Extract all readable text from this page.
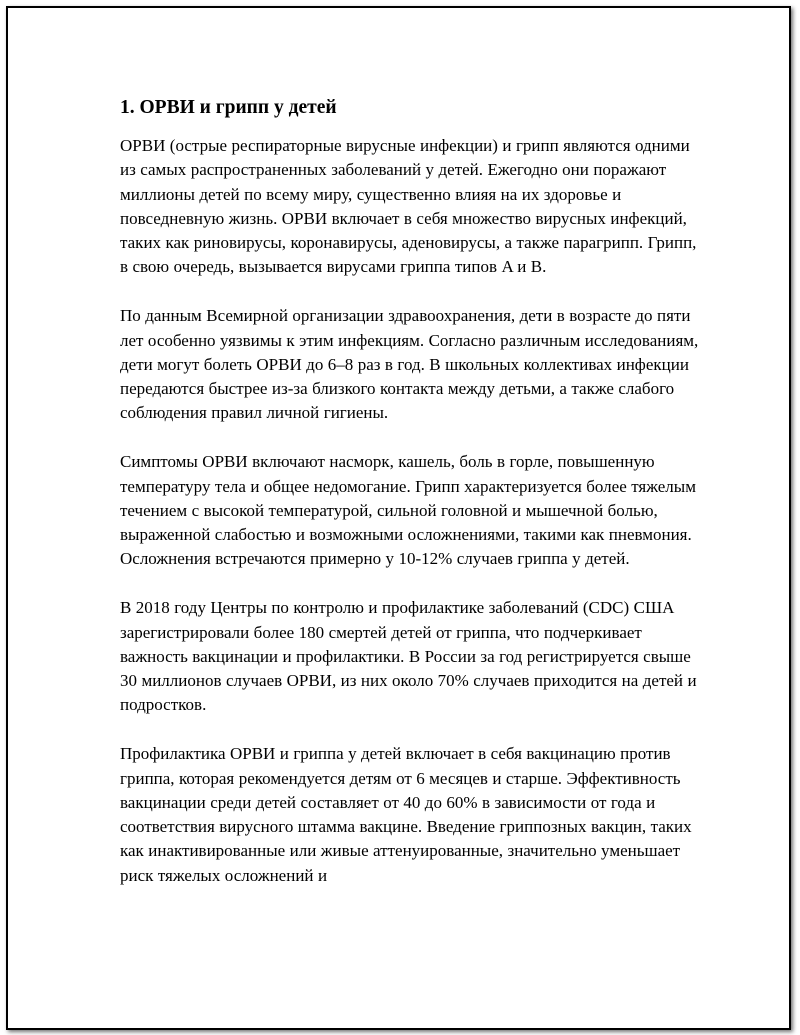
1. ОРВИ и грипп у детей

ОРВИ (острые респираторные вирусные инфекции) и грипп являются одними из самых распространенных заболеваний у детей. Ежегодно они поражают миллионы детей по всему миру, существенно влияя на их здоровье и повседневную жизнь. ОРВИ включает в себя множество вирусных инфекций, таких как риновирусы, коронавирусы, аденовирусы, а также парагрипп. Грипп, в свою очередь, вызывается вирусами гриппа типов A и B.

По данным Всемирной организации здравоохранения, дети в возрасте до пяти лет особенно уязвимы к этим инфекциям. Согласно различным исследованиям, дети могут болеть ОРВИ до 6–8 раз в год. В школьных коллективах инфекции передаются быстрее из-за близкого контакта между детьми, а также слабого соблюдения правил личной гигиены.

Симптомы ОРВИ включают насморк, кашель, боль в горле, повышенную температуру тела и общее недомогание. Грипп характеризуется более тяжелым течением с высокой температурой, сильной головной и мышечной болью, выраженной слабостью и возможными осложнениями, такими как пневмония. Осложнения встречаются примерно у 10-12% случаев гриппа у детей.

В 2018 году Центры по контролю и профилактике заболеваний (CDC) США зарегистрировали более 180 смертей детей от гриппа, что подчеркивает важность вакцинации и профилактики. В России за год регистрируется свыше 30 миллионов случаев ОРВИ, из них около 70% случаев приходится на детей и подростков.

Профилактика ОРВИ и гриппа у детей включает в себя вакцинацию против гриппа, которая рекомендуется детям от 6 месяцев и старше. Эффективность вакцинации среди детей составляет от 40 до 60% в зависимости от года и соответствия вирусного штамма вакцине. Введение гриппозных вакцин, таких как инактивированные или живые аттенуированные, значительно уменьшает риск тяжелых осложнений и
